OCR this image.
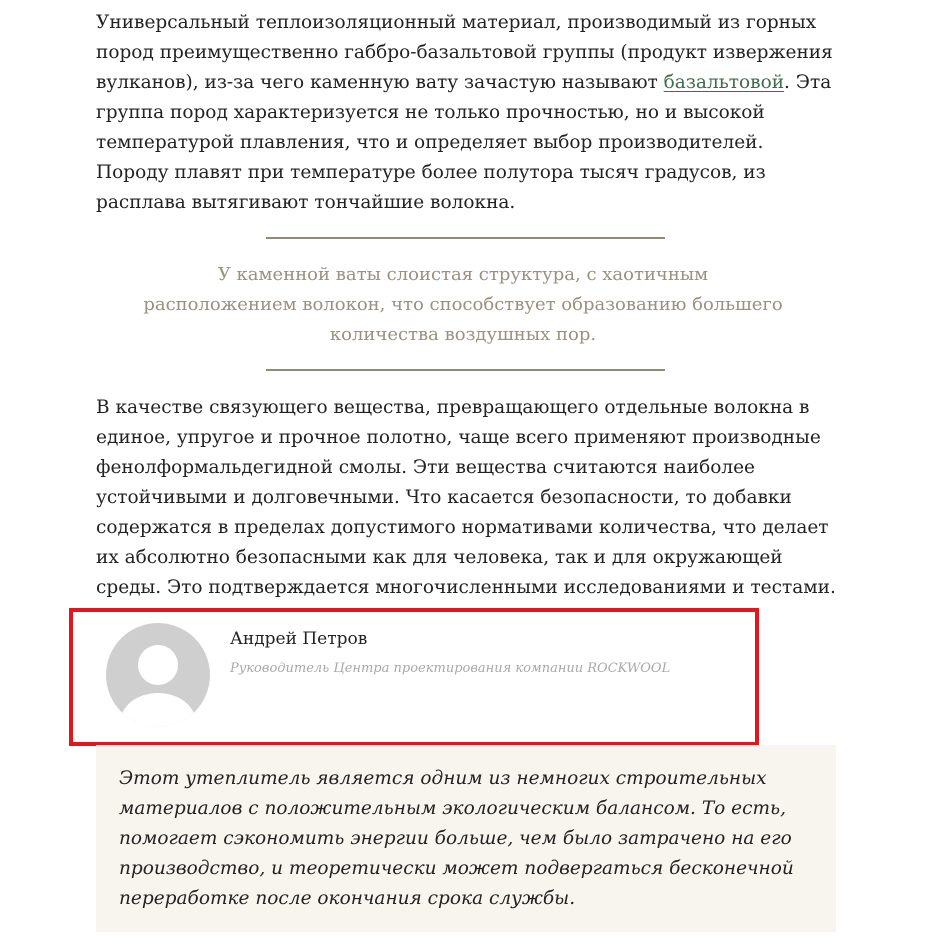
Универсальный теплоизоляционный материал, производимый из горных пород преимущественно габбро-базальтовой группы (продукт извержения вулканов), из-за чего каменную вату зачастую называют базальтовой. Эта группа пород характеризуется не только прочностью, но и высокой температурой плавления, что и определяет выбор производителей. Породу плавят при температуре более полутора тысяч градусов, из расплава вытягивают тончайшие волокна.

У каменной ваты слоистая структура, с хаотичным расположением волокон, что способствует образованию большего количества воздушных пор.

В качестве связующего вещества, превращающего отдельные волокна в единое, упругое и прочное полотно, чаще всего применяют производные фенолформальдегидной смолы. Эти вещества считаются наиболее устойчивыми и долговечными. Что касается безопасности, то добавки содержатся в пределах допустимого нормативами количества, что делает их абсолютно безопасными как для человека, так и для окружающей среды. Это подтверждается многочисленными исследованиями и тестами.

Андрей Петров

Руководитель Центра проектирования компании ROCKWOOL

Этот утеплитель является одним из немногих строительных материалов с положительным экологическим балансом. То есть, помогает сэкономить энергии больше, чем было затрачено на его производство, и теоретически может подвергаться бесконечной переработке после окончания срока службы.
